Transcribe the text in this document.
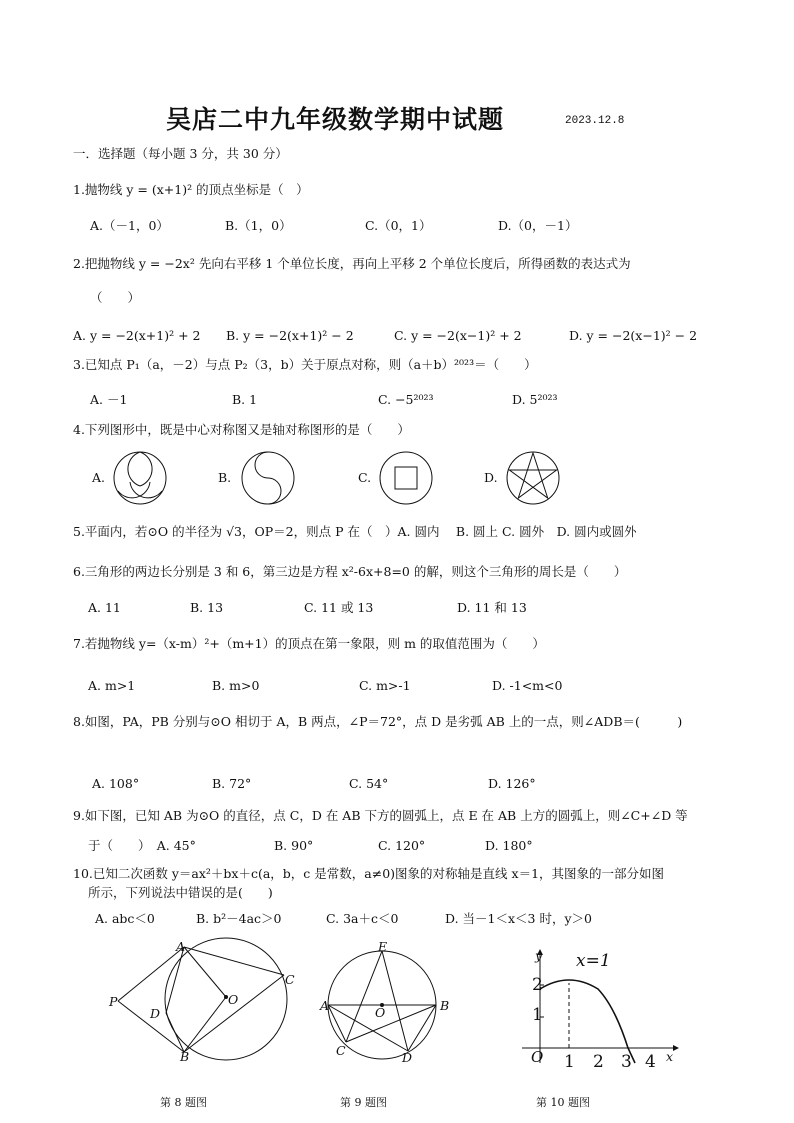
吴店二中九年级数学期中试题	2023.12.8
一．选择题（每小题 3 分，共 30 分）
1.抛物线 y = (x+1)² 的顶点坐标是（　）
A.（－1，0）	B.（1，0）	C.（0，1）	D.（0，－1）
2.把抛物线 y = −2x² 先向右平移 1 个单位长度，再向上平移 2 个单位长度后，所得函数的表达式为
（　　）
A. y = −2(x+1)² + 2 B. y = −2(x+1)² − 2	C. y = −2(x−1)² + 2	D. y = −2(x−1)² − 2
3.已知点 P₁（a，－2）与点 P₂（3，b）关于原点对称，则（a＋b）²⁰²³＝（　　）
A. －1	B. 1	C. −5²⁰²³	D. 5²⁰²³
4.下列图形中，既是中心对称图又是轴对称图形的是（　　）
A.	B.	C.	D.
5.平面内，若⊙O 的半径为 √3，OP＝2，则点 P 在（　）A. 圆内　 B. 圆上 C. 圆外　D. 圆内或圆外
6.三角形的两边长分别是 3 和 6，第三边是方程 x²-6x+8=0 的解，则这个三角形的周长是（　　）
A. 11	B. 13	C. 11 或 13	D. 11 和 13
7.若抛物线 y=（x-m）²+（m+1）的顶点在第一象限，则 m 的取值范围为（　　）
A. m>1	B. m>0	C. m>-1	D. -1<m<0
8.如图，PA，PB 分别与⊙O 相切于 A，B 两点，∠P＝72°，点 D 是劣弧 AB 上的一点，则∠ADB＝(　　　)
A. 108°	B. 72°	C. 54°	D. 126°
9.如下图，已知 AB 为⊙O 的直径，点 C，D 在 AB 下方的圆弧上，点 E 在 AB 上方的圆弧上，则∠C+∠D 等
于（　　）　A. 45°	B. 90°	C. 120°	D. 180°
10.已知二次函数 y＝ax²＋bx＋c(a，b，c 是常数，a≠0)图象的对称轴是直线 x＝1，其图象的一部分如图
所示，下列说法中错误的是(　　)
A. abc＜0	B. b²－4ac＞0	C. 3a＋c＜0	D. 当－1＜x＜3 时，y＞0
A
C
P	O
D
B
E
A	B
O
C	D
x=1
y
x
O 1 2 3 4
1
2
第 8 题图	第 9 题图	第 10 题图
